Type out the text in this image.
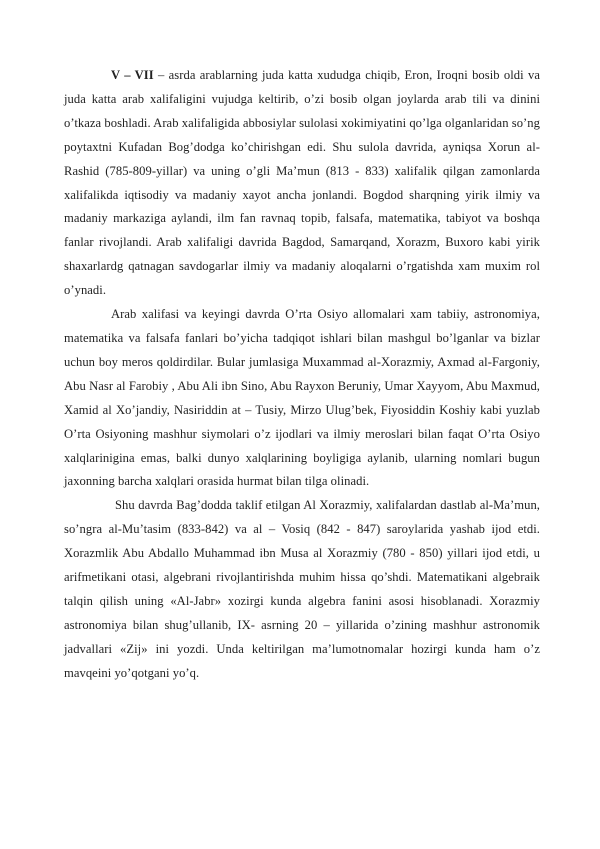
V – VII – asrda arablarning juda katta xududga chiqib, Eron, Iroqni bosib oldi va juda katta arab xalifaligini vujudga keltirib, o’zi bosib olgan joylarda arab tili va dinini o’tkaza boshladi. Arab xalifaligida abbosiylar sulolasi xokimiyatini qo’lga olganlaridan so’ng poytaxtni Kufadan Bog’dodga ko’chirishgan edi. Shu sulola davrida, ayniqsa Xorun al-Rashid (785-809-yillar) va uning o’gli Ma’mun (813 - 833) xalifalik qilgan zamonlarda xalifalikda iqtisodiy va madaniy xayot ancha jonlandi. Bogdod sharqning yirik ilmiy va madaniy markaziga aylandi, ilm fan ravnaq topib, falsafa, matematika, tabiyot va boshqa fanlar rivojlandi. Arab xalifaligi davrida Bagdod, Samarqand, Xorazm, Buxoro kabi yirik shaxarlardg qatnagan savdogarlar ilmiy va madaniy aloqalarni o’rgatishda xam muxim rol o’ynadi.

Arab xalifasi va keyingi davrda O’rta Osiyo allomalari xam tabiiy, astronomiya, matematika va falsafa fanlari bo’yicha tadqiqot ishlari bilan mashgul bo’lganlar va bizlar uchun boy meros qoldirdilar. Bular jumlasiga Muxammad al-Xorazmiy, Axmad al-Fargoniy, Abu Nasr al Farobiy , Abu Ali ibn Sino, Abu Rayxon Beruniy, Umar Xayyom, Abu Maxmud, Xamid al Xo’jandiy, Nasiriddin at – Tusiy, Mirzo Ulug’bek, Fiyosiddin Koshiy kabi yuzlab O’rta Osiyoning mashhur siymolari o’z ijodlari va ilmiy meroslari bilan faqat O’rta Osiyo xalqlarinigina emas, balki dunyo xalqlarining boyligiga aylanib, ularning nomlari bugun jaxonning barcha xalqlari orasida hurmat bilan tilga olinadi.

Shu davrda Bag’dodda taklif etilgan Al Xorazmiy, xalifalardan dastlab al-Ma’mun, so’ngra al-Mu’tasim (833-842) va al – Vosiq (842 - 847) saroylarida yashab ijod etdi. Xorazmlik Abu Abdallo Muhammad ibn Musa al Xorazmiy (780 - 850) yillari ijod etdi, u arifmetikani otasi, algebrani rivojlantirishda muhim hissa qo’shdi. Matematikani algebraik talqin qilish uning «Al-Jabr» xozirgi kunda algebra fanini asosi hisoblanadi. Xorazmiy astronomiya bilan shug’ullanib, IX- asrning 20 – yillarida o’zining mashhur astronomik jadvallari «Zij» ini yozdi. Unda keltirilgan ma’lumotnomalar hozirgi kunda ham o’z mavqeini yo’qotgani yo’q.
